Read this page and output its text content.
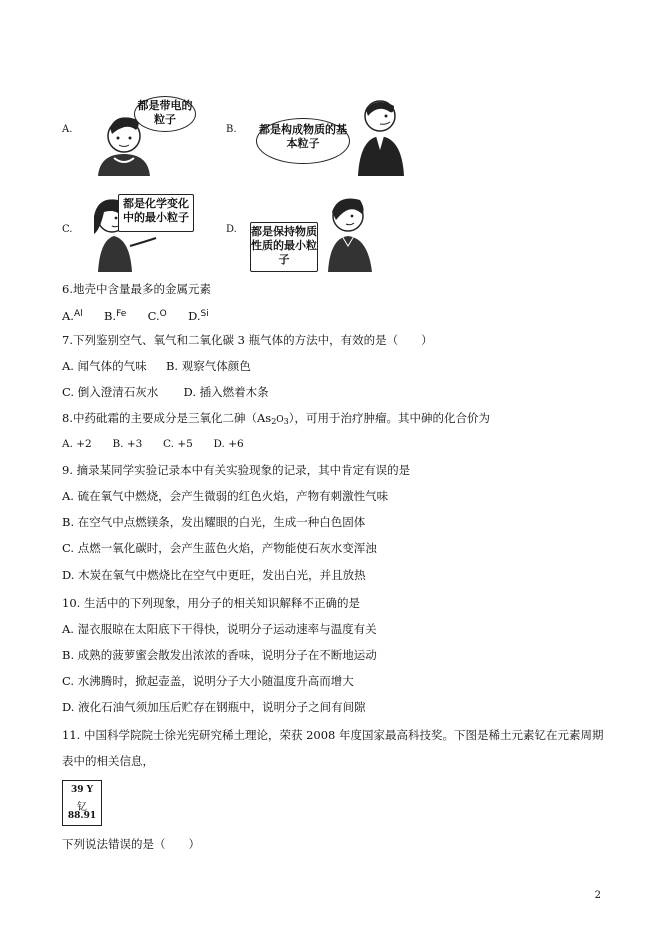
A.
都是带电的粒子
B. 都是构成物质的基本粒子
C.
都是化学变化中的最小粒子
D. 都是保持物质性质的最小粒子
6.地壳中含量最多的金属元素
A.$^{Al}$ B.$^{Fe}$ C.$^O$ D.$^{Si}$
7.下列鉴别空气、氧气和二氧化碳 3 瓶气体的方法中，有效的是（　　）
A. 闻气体的气味 B. 观察气体颜色
C. 倒入澄清石灰水 D. 插入燃着木条
8.中药砒霜的主要成分是三氧化二砷$(As_2O_3)$，可用于治疗肿瘤。其中砷的化合价为
A. +2 B. +3 C. +5 D. +6
9. 摘录某同学实验记录本中有关实验现象的记录，其中肯定有误的是
A. 硫在氧气中燃烧，会产生微弱的红色火焰，产物有刺激性气味
B. 在空气中点燃镁条，发出耀眼的白光，生成一种白色固体
C. 点燃一氧化碳时，会产生蓝色火焰，产物能使石灰水变浑浊
D. 木炭在氧气中燃烧比在空气中更旺，发出白光，并且放热
10. 生活中的下列现象，用分子的相关知识解释不正确的是
A. 湿衣服晾在太阳底下干得快，说明分子运动速率与温度有关
B. 成熟的菠萝蜜会散发出浓浓的香味，说明分子在不断地运动
C. 水沸腾时，掀起壶盖，说明分子大小随温度升高而增大
D. 液化石油气须加压后贮存在钢瓶中，说明分子之间有间隙
11. 中国科学院院士徐光宪研究稀土理论，荣获 2008 年度国家最高科技奖。下图是稀土元素钇在元素周期
表中的相关信息，
39 Y
钇
88.91
下列说法错误的是（　　）
2
